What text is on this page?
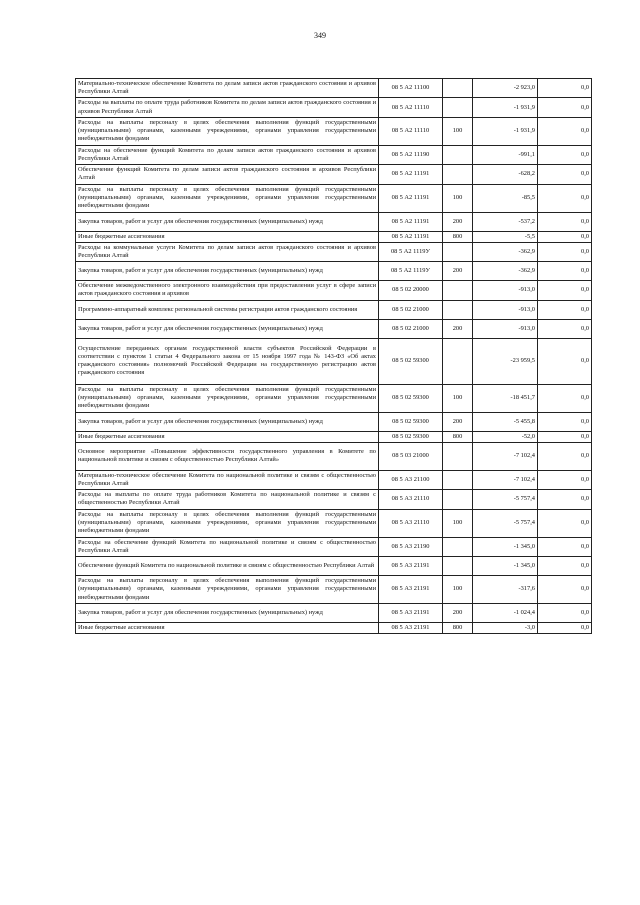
349
Материально-техническое обеспечение Комитета по делам записи актов гражданского состояния и архивов Республики Алтай	08 5 А2 11100		-2 923,0	0,0
Расходы на выплаты по оплате труда работников Комитета по делам записи актов гражданского состояния и архивов Республики Алтай	08 5 А2 11110		-1 931,9	0,0
Расходы на выплаты персоналу в целях обеспечения выполнения функций государственными (муниципальными) органами, казенными учреждениями, органами управления государственными внебюджетными фондами	08 5 А2 11110	100	-1 931,9	0,0
Расходы на обеспечение функций Комитета по делам записи актов гражданского состояния и архивов Республики Алтай	08 5 А2 11190		-991,1	0,0
Обеспечение функций Комитета по делам записи актов гражданского состояния и архивов Республики Алтай	08 5 А2 11191		-628,2	0,0
Расходы на выплаты персоналу в целях обеспечения выполнения функций государственными (муниципальными) органами, казенными учреждениями, органами управления государственными внебюджетными фондами	08 5 А2 11191	100	-85,5	0,0
Закупка товаров, работ и услуг для обеспечения государственных (муниципальных) нужд	08 5 А2 11191	200	-537,2	0,0
Иные бюджетные ассигнования	08 5 А2 11191	800	-5,5	0,0
Расходы на коммунальные услуги Комитета по делам записи актов гражданского состояния и архивов Республики Алтай	08 5 А2 1119У		-362,9	0,0
Закупка товаров, работ и услуг для обеспечения государственных (муниципальных) нужд	08 5 А2 1119У	200	-362,9	0,0
Обеспечение межведомственного электронного взаимодействия при предоставлении услуг в сфере записи актов гражданского состояния и архивов	08 5 02 20000		-913,0	0,0
Программно-аппаратный комплекс региональной системы регистрации актов гражданского состояния	08 5 02 21000		-913,0	0,0
Закупка товаров, работ и услуг для обеспечения государственных (муниципальных) нужд	08 5 02 21000	200	-913,0	0,0
Осуществление переданных органам государственной власти субъектов Российской Федерации в соответствии с пунктом 1 статьи 4 Федерального закона от 15 ноября 1997 года № 143-ФЗ «Об актах гражданского состояния» полномочий Российской Федерации на государственную регистрацию актов гражданского состояния	08 5 02 59300		-23 959,5	0,0
Расходы на выплаты персоналу в целях обеспечения выполнения функций государственными (муниципальными) органами, казенными учреждениями, органами управления государственными внебюджетными фондами	08 5 02 59300	100	-18 451,7	0,0
Закупка товаров, работ и услуг для обеспечения государственных (муниципальных) нужд	08 5 02 59300	200	-5 455,8	0,0
Иные бюджетные ассигнования	08 5 02 59300	800	-52,0	0,0
Основное мероприятие «Повышение эффективности государственного управления в Комитете по национальной политике и связям с общественностью Республики Алтай»	08 5 03 21000		-7 102,4	0,0
Материально-техническое обеспечение Комитета по национальной политике и связям с общественностью Республики Алтай	08 5 А3 21100		-7 102,4	0,0
Расходы на выплаты по оплате труда работников Комитета по национальной политике и связям с общественностью Республики Алтай	08 5 А3 21110		-5 757,4	0,0
Расходы на выплаты персоналу в целях обеспечения выполнения функций государственными (муниципальными) органами, казенными учреждениями, органами управления государственными внебюджетными фондами	08 5 А3 21110	100	-5 757,4	0,0
Расходы на обеспечение функций Комитета по национальной политике и связям с общественностью Республики Алтай	08 5 А3 21190		-1 345,0	0,0
Обеспечение функций Комитета по национальной политике и связям с общественностью Республики Алтай	08 5 А3 21191		-1 345,0	0,0
Расходы на выплаты персоналу в целях обеспечения выполнения функций государственными (муниципальными) органами, казенными учреждениями, органами управления государственными внебюджетными фондами	08 5 А3 21191	100	-317,6	0,0
Закупка товаров, работ и услуг для обеспечения государственных (муниципальных) нужд	08 5 А3 21191	200	-1 024,4	0,0
Иные бюджетные ассигнования	08 5 А3 21191	800	-3,0	0,0
